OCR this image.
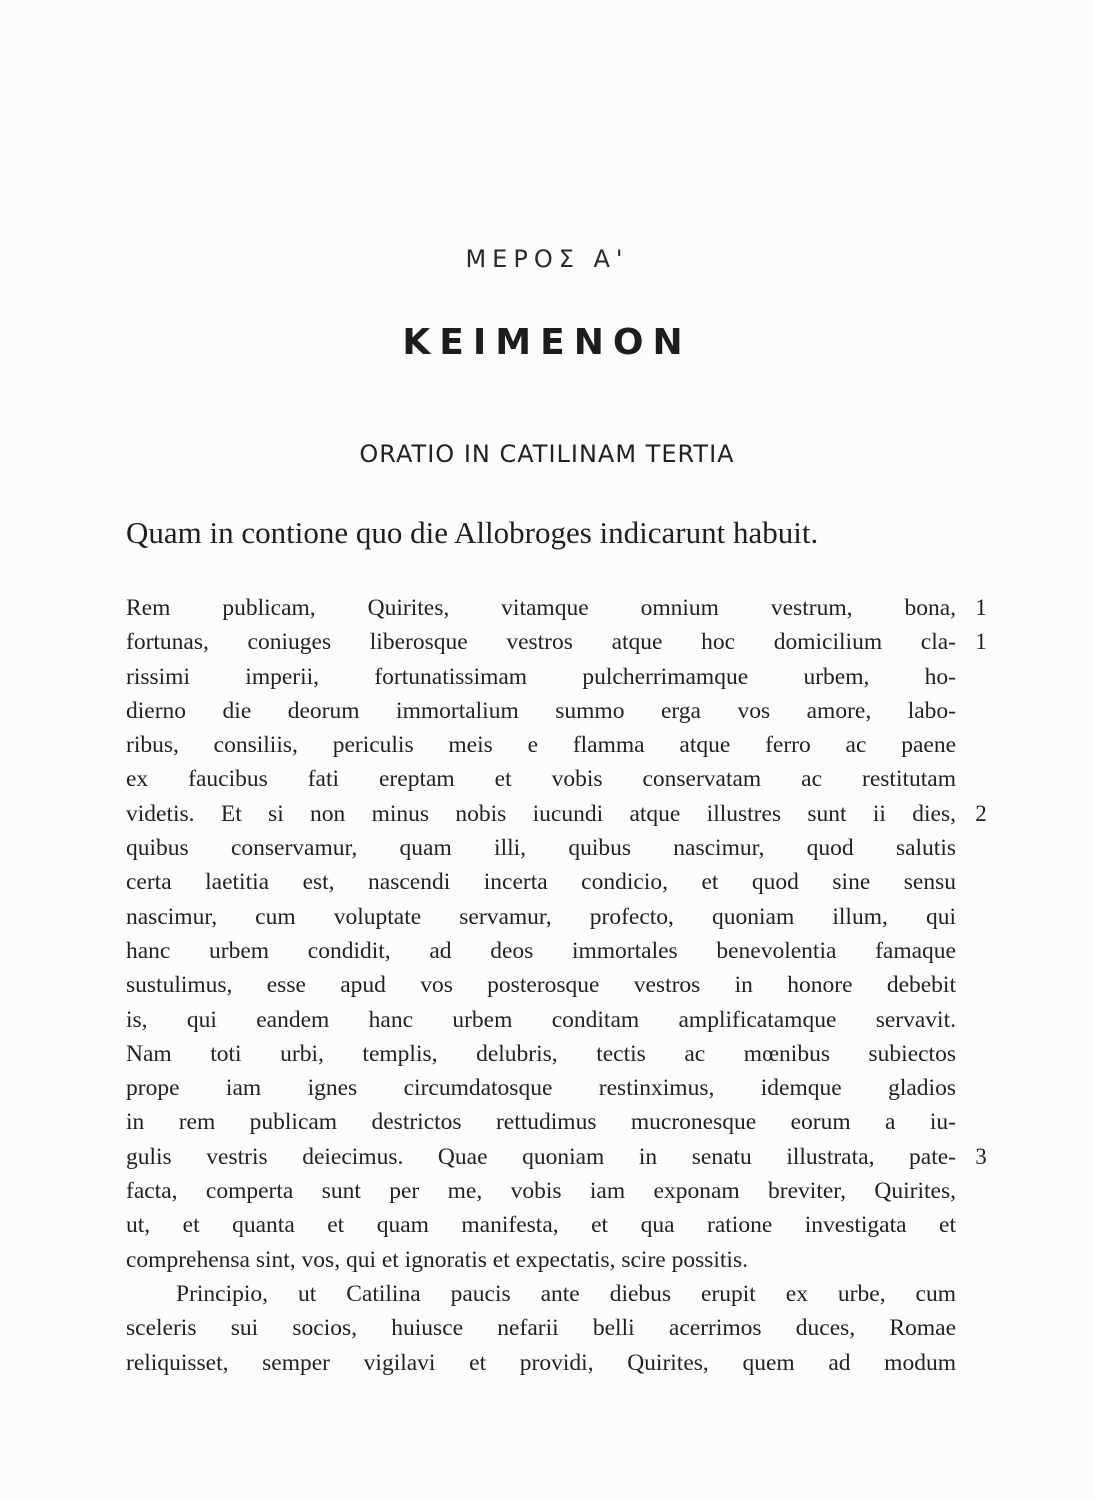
ΜΕΡΟΣ Α'
ΚΕΙΜΕΝΟΝ
ORATIO IN CATILINAM TERTIA
Quam in contione quo die Allobroges indicarunt habuit.
Rem publicam, Quirites, vitamque omnium vestrum, bona,
fortunas, coniuges liberosque vestros atque hoc domicilium cla-
rissimi imperii, fortunatissimam pulcherrimamque urbem, ho-
dierno die deorum immortalium summo erga vos amore, labo-
ribus, consiliis, periculis meis e flamma atque ferro ac paene
ex faucibus fati ereptam et vobis conservatam ac restitutam
videtis. Et si non minus nobis iucundi atque illustres sunt ii dies,
quibus conservamur, quam illi, quibus nascimur, quod salutis
certa laetitia est, nascendi incerta condicio, et quod sine sensu
nascimur, cum voluptate servamur, profecto, quoniam illum, qui
hanc urbem condidit, ad deos immortales benevolentia famaque
sustulimus, esse apud vos posterosque vestros in honore debebit
is, qui eandem hanc urbem conditam amplificatamque servavit.
Nam toti urbi, templis, delubris, tectis ac mœnibus subiectos
prope iam ignes circumdatosque restinximus, idemque gladios
in rem publicam destrictos rettudimus mucronesque eorum a iu-
gulis vestris deiecimus. Quae quoniam in senatu illustrata, pate-
facta, comperta sunt per me, vobis iam exponam breviter, Quirites,
ut, et quanta et quam manifesta, et qua ratione investigata et
comprehensa sint, vos, qui et ignoratis et expectatis, scire possitis.
Principio, ut Catilina paucis ante diebus erupit ex urbe, cum
sceleris sui socios, huiusce nefarii belli acerrimos duces, Romae
reliquisset, semper vigilavi et providi, Quirites, quem ad modum
1
1
2
3
